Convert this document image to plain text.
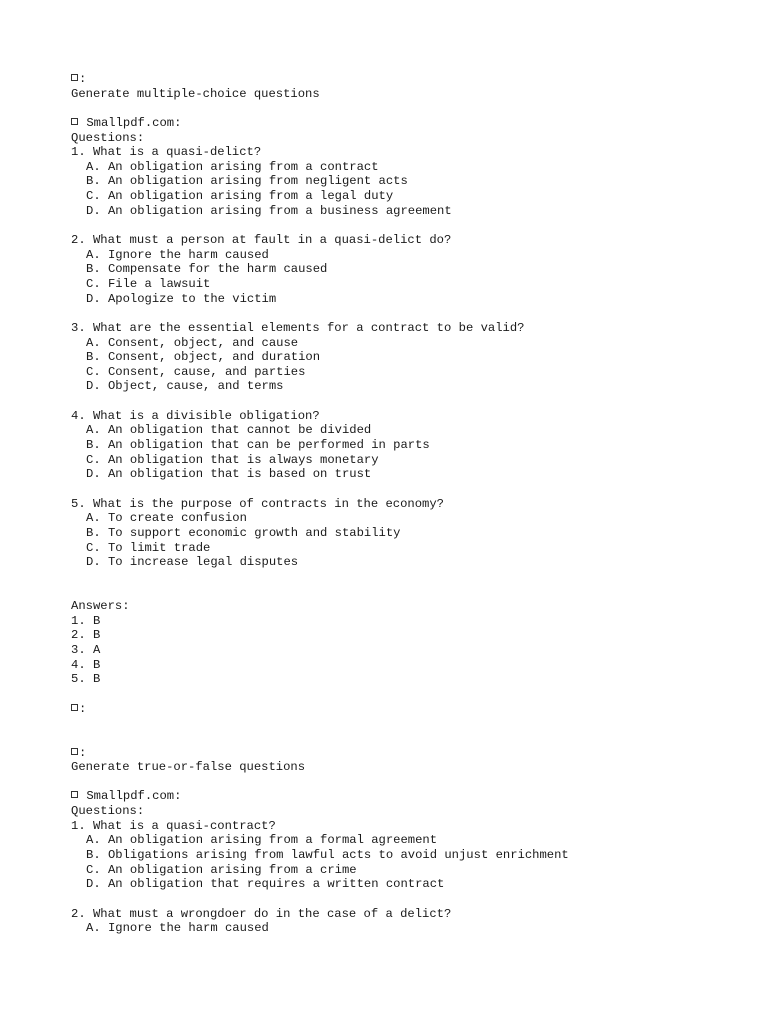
:
Generate multiple-choice questions
Smallpdf.com:
Questions:
1. What is a quasi-delict?
A. An obligation arising from a contract
B. An obligation arising from negligent acts
C. An obligation arising from a legal duty
D. An obligation arising from a business agreement
2. What must a person at fault in a quasi-delict do?
A. Ignore the harm caused
B. Compensate for the harm caused
C. File a lawsuit
D. Apologize to the victim
3. What are the essential elements for a contract to be valid?
A. Consent, object, and cause
B. Consent, object, and duration
C. Consent, cause, and parties
D. Object, cause, and terms
4. What is a divisible obligation?
A. An obligation that cannot be divided
B. An obligation that can be performed in parts
C. An obligation that is always monetary
D. An obligation that is based on trust
5. What is the purpose of contracts in the economy?
A. To create confusion
B. To support economic growth and stability
C. To limit trade
D. To increase legal disputes
Answers:
1. B
2. B
3. A
4. B
5. B
:
:
Generate true-or-false questions
Smallpdf.com:
Questions:
1. What is a quasi-contract?
A. An obligation arising from a formal agreement
B. Obligations arising from lawful acts to avoid unjust enrichment
C. An obligation arising from a crime
D. An obligation that requires a written contract
2. What must a wrongdoer do in the case of a delict?
A. Ignore the harm caused
